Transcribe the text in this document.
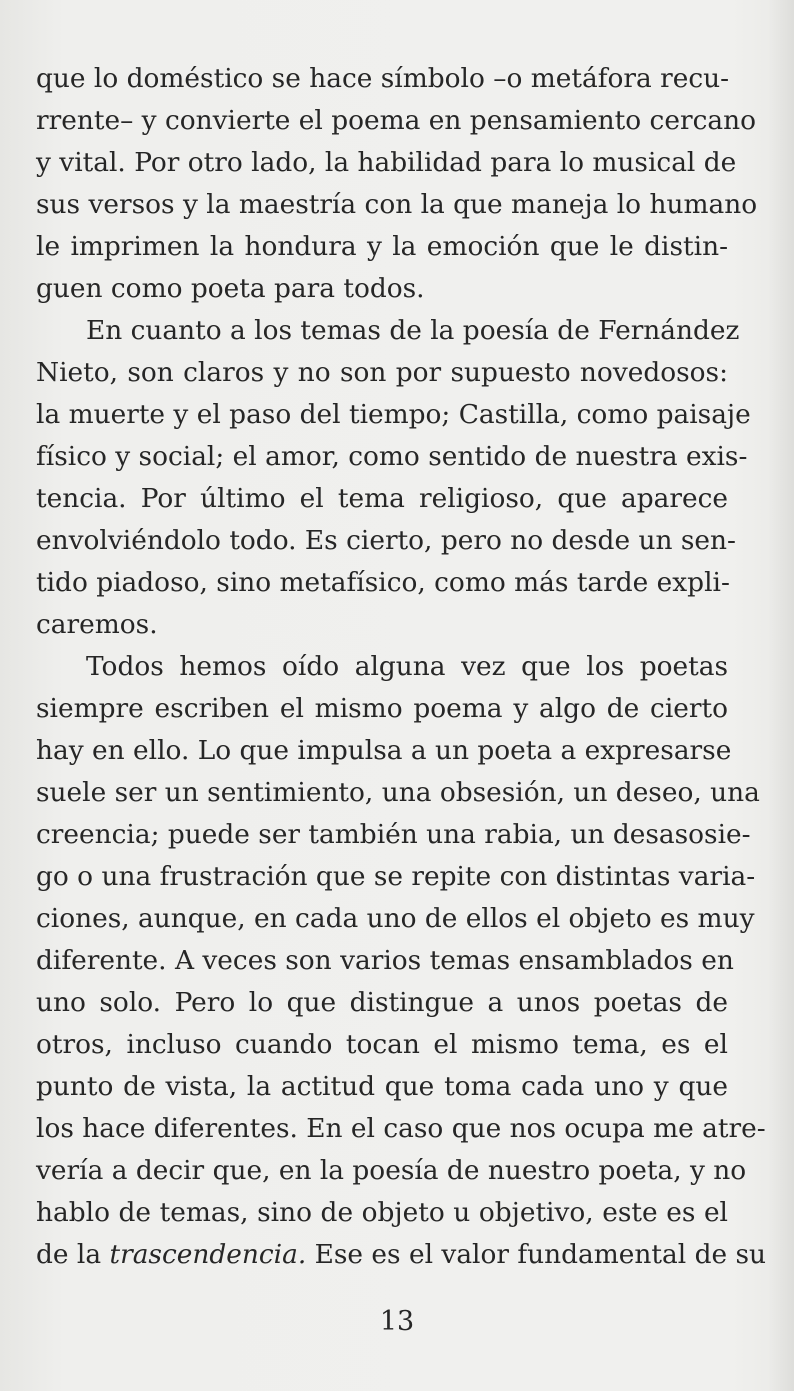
que lo doméstico se hace símbolo –o metáfora recu-
rrente– y convierte el poema en pensamiento cercano
y vital. Por otro lado, la habilidad para lo musical de
sus versos y la maestría con la que maneja lo humano
le imprimen la hondura y la emoción que le distin-
guen como poeta para todos.
En cuanto a los temas de la poesía de Fernández
Nieto, son claros y no son por supuesto novedosos:
la muerte y el paso del tiempo; Castilla, como paisaje
físico y social; el amor, como sentido de nuestra exis-
tencia. Por último el tema religioso, que aparece
envolviéndolo todo. Es cierto, pero no desde un sen-
tido piadoso, sino metafísico, como más tarde expli-
caremos.
Todos hemos oído alguna vez que los poetas
siempre escriben el mismo poema y algo de cierto
hay en ello. Lo que impulsa a un poeta a expresarse
suele ser un sentimiento, una obsesión, un deseo, una
creencia; puede ser también una rabia, un desasosie-
go o una frustración que se repite con distintas varia-
ciones, aunque, en cada uno de ellos el objeto es muy
diferente. A veces son varios temas ensamblados en
uno solo. Pero lo que distingue a unos poetas de
otros, incluso cuando tocan el mismo tema, es el
punto de vista, la actitud que toma cada uno y que
los hace diferentes. En el caso que nos ocupa me atre-
vería a decir que, en la poesía de nuestro poeta, y no
hablo de temas, sino de objeto u objetivo, este es el
de la trascendencia. Ese es el valor fundamental de su
13
